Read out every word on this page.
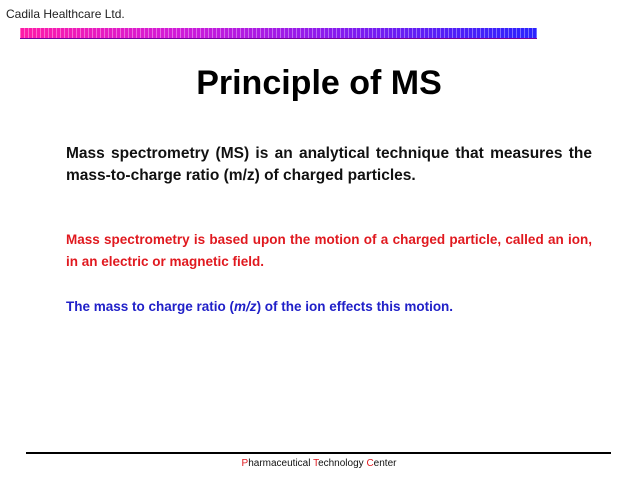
Cadila Healthcare Ltd.
Principle of MS
Mass spectrometry (MS) is an analytical technique that measures the mass-to-charge ratio (m/z) of charged particles.
Mass spectrometry is based upon the motion of a charged particle, called an ion, in an electric or magnetic field.
The mass to charge ratio (m/z) of the ion effects this motion.
Pharmaceutical Technology Center
